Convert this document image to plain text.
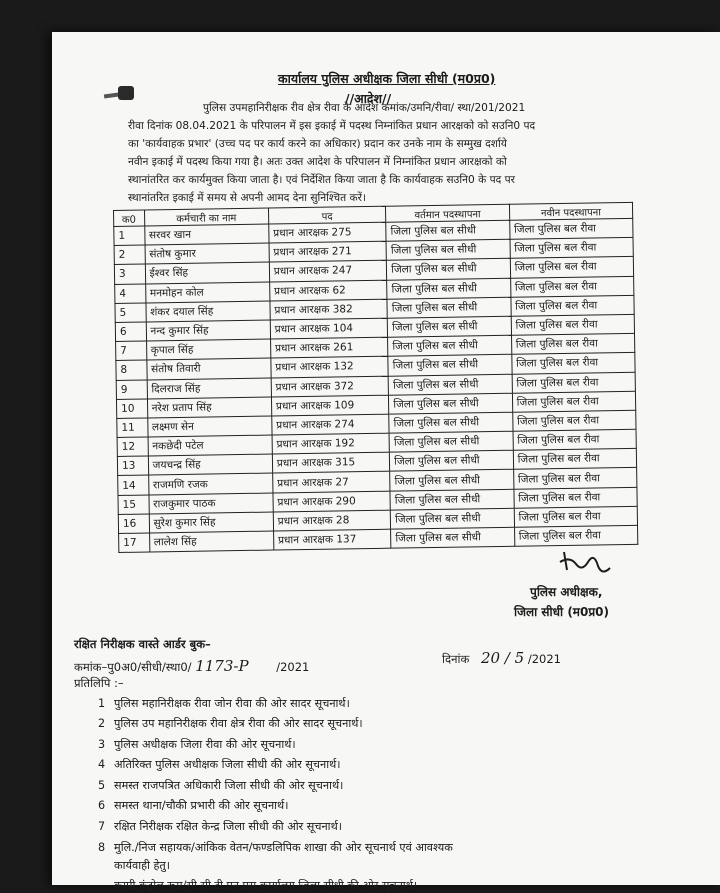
कार्यालय पुलिस अधीक्षक जिला सीधी (म0प्र0)
//आदेश//
पुलिस उपमहानिरीक्षक रीव क्षेत्र रीवा के आदेश कमांक/उमनि/रीवा/ स्था/201/2021
रीवा दिनांक 08.04.2021 के परिपालन में इस इकाई में पदस्थ निम्नांकित प्रधान आरक्षको को सउनि0 पद
का 'कार्यवाहक प्रभार' (उच्च पद पर कार्य करने का अधिकार) प्रदान कर उनके नाम के सम्मुख दर्शाये
नवीन इकाई में पदस्थ किया गया है। अतः उक्त आदेश के परिपालन में निम्नांकित प्रधान आरक्षको को
स्थानांतरित कर कार्यमुक्त किया जाता है। एवं निर्देशित किया जाता है कि कार्यवाहक सउनि0 के पद पर
स्थानांतरित इकाई में समय से अपनी आमद देना सुनिश्चित करें।
क0	कर्मचारी का नाम	पद	वर्तमान पदस्थापना	नवीन पदस्थापना
1	सरवर खान	प्रधान आरक्षक 275	जिला पुलिस बल सीधी	जिला पुलिस बल रीवा
2	संतोष कुमार	प्रधान आरक्षक 271	जिला पुलिस बल सीधी	जिला पुलिस बल रीवा
3	ईश्वर सिंह	प्रधान आरक्षक 247	जिला पुलिस बल सीधी	जिला पुलिस बल रीवा
4	मनमोहन कोल	प्रधान आरक्षक 62	जिला पुलिस बल सीधी	जिला पुलिस बल रीवा
5	शंकर दयाल सिंह	प्रधान आरक्षक 382	जिला पुलिस बल सीधी	जिला पुलिस बल रीवा
6	नन्द कुमार सिंह	प्रधान आरक्षक 104	जिला पुलिस बल सीधी	जिला पुलिस बल रीवा
7	कृपाल सिंह	प्रधान आरक्षक 261	जिला पुलिस बल सीधी	जिला पुलिस बल रीवा
8	संतोष तिवारी	प्रधान आरक्षक 132	जिला पुलिस बल सीधी	जिला पुलिस बल रीवा
9	दिलराज सिंह	प्रधान आरक्षक 372	जिला पुलिस बल सीधी	जिला पुलिस बल रीवा
10	नरेश प्रताप सिंह	प्रधान आरक्षक 109	जिला पुलिस बल सीधी	जिला पुलिस बल रीवा
11	लक्ष्मण सेन	प्रधान आरक्षक 274	जिला पुलिस बल सीधी	जिला पुलिस बल रीवा
12	नकछेदी पटेल	प्रधान आरक्षक 192	जिला पुलिस बल सीधी	जिला पुलिस बल रीवा
13	जयचन्द्र सिंह	प्रधान आरक्षक 315	जिला पुलिस बल सीधी	जिला पुलिस बल रीवा
14	राजमणि रजक	प्रधान आरक्षक 27	जिला पुलिस बल सीधी	जिला पुलिस बल रीवा
15	राजकुमार पाठक	प्रधान आरक्षक 290	जिला पुलिस बल सीधी	जिला पुलिस बल रीवा
16	सुरेश कुमार सिंह	प्रधान आरक्षक 28	जिला पुलिस बल सीधी	जिला पुलिस बल रीवा
17	लालेश सिंह	प्रधान आरक्षक 137	जिला पुलिस बल सीधी	जिला पुलिस बल रीवा
पुलिस अधीक्षक,
जिला सीधी (म0प्र0)
रक्षित निरीक्षक वास्ते आर्डर बुक–
कमांक–पु0अ0/सीधी/स्था0/ 1173-P /2021
दिनांक 20 / 5 /2021
प्रतिलिपि :–
1 पुलिस महानिरीक्षक रीवा जोन रीवा की ओर सादर सूचनार्थ।
2 पुलिस उप महानिरीक्षक रीवा क्षेत्र रीवा की ओर सादर सूचनार्थ।
3 पुलिस अधीक्षक जिला रीवा की ओर सूचनार्थ।
4 अतिरिक्त पुलिस अधीक्षक जिला सीधी की ओर सूचनार्थ।
5 समस्त राजपत्रित अधिकारी जिला सीधी की ओर सूचनार्थ।
6 समस्त थाना/चौकी प्रभारी की ओर सूचनार्थ।
7 रक्षित निरीक्षक रक्षित केन्द्र जिला सीधी की ओर सूचनार्थ।
8 मुलि./निज सहायक/आंकिक वेतन/फण्डलिपिक शाखा की ओर सूचनार्थ एवं आवश्यक
कार्यवाही हेतु।
कम्पी कंट्रोल रूम/सी.सी.टी.एन.एस कार्यालय जिला सीधी की ओर सूचनार्थ।
